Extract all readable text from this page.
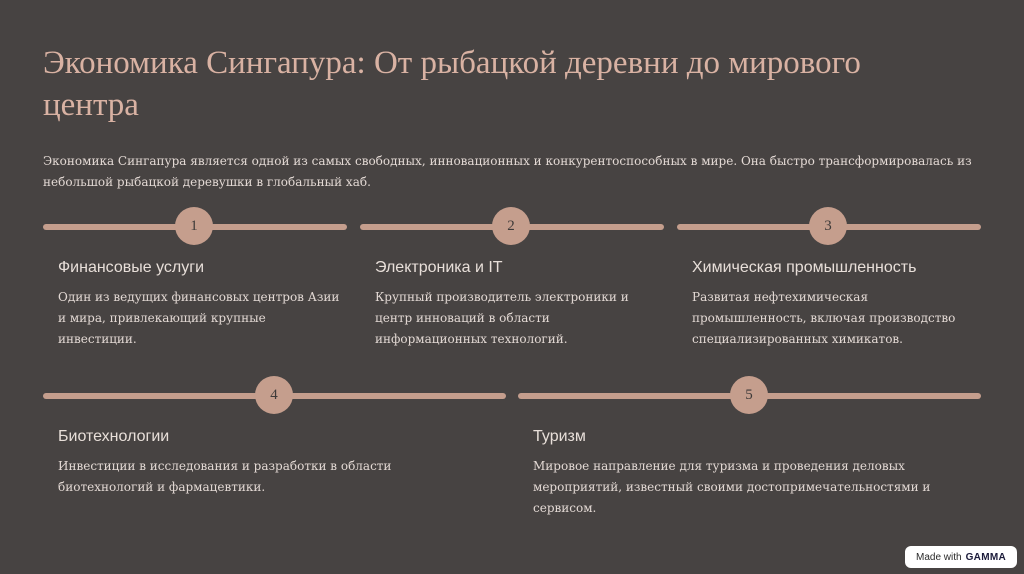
Экономика Сингапура: От рыбацкой деревни до мирового центра
Экономика Сингапура является одной из самых свободных, инновационных и конкурентоспособных в мире. Она быстро трансформировалась из небольшой рыбацкой деревушки в глобальный хаб.
1
Финансовые услуги
Один из ведущих финансовых центров Азии и мира, привлекающий крупные инвестиции.
2
Электроника и IT
Крупный производитель электроники и центр инноваций в области информационных технологий.
3
Химическая промышленность
Развитая нефтехимическая промышленность, включая производство специализированных химикатов.
4
Биотехнологии
Инвестиции в исследования и разработки в области биотехнологий и фармацевтики.
5
Туризм
Мировое направление для туризма и проведения деловых мероприятий, известный своими достопримечательностями и сервисом.
Made with GAMMA
